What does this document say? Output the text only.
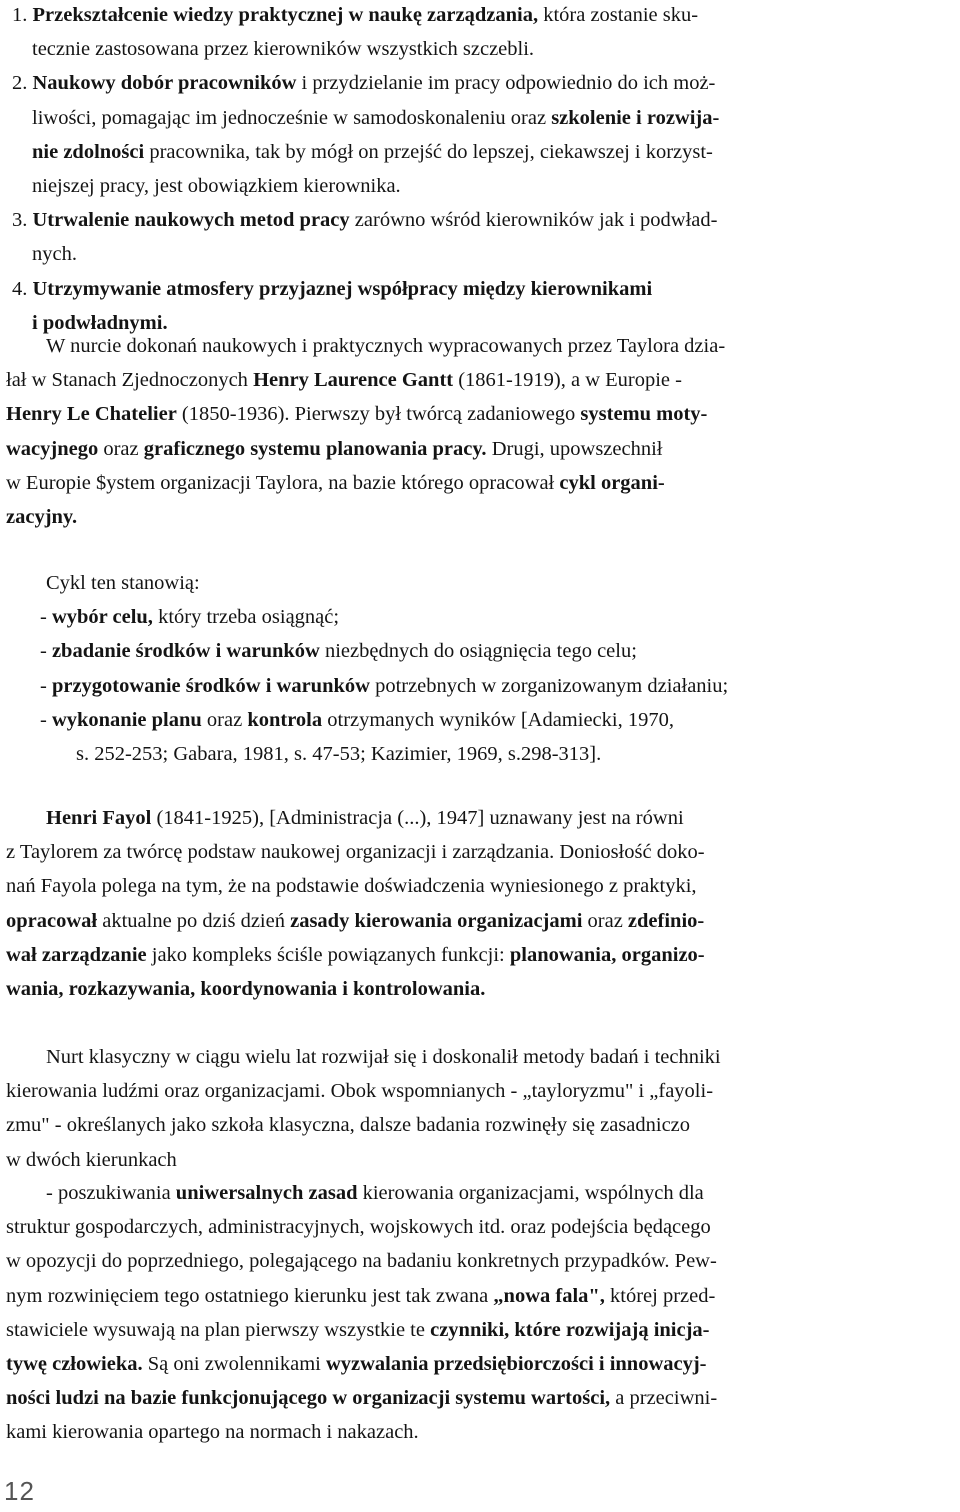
1. Przekształcenie wiedzy praktycznej w naukę zarządzania, która zostanie sku-
tecznie zastosowana przez kierowników wszystkich szczebli.
2. Naukowy dobór pracowników i przydzielanie im pracy odpowiednio do ich moż-
liwości, pomagając im jednocześnie w samodoskonaleniu oraz szkolenie i rozwija-
nie zdolności pracownika, tak by mógł on przejść do lepszej, ciekawszej i korzyst-
niejszej pracy, jest obowiązkiem kierownika.
3. Utrwalenie naukowych metod pracy zarówno wśród kierowników jak i podwład-
nych.
4. Utrzymywanie atmosfery przyjaznej współpracy między kierownikami
i podwładnymi.
W nurcie dokonań naukowych i praktycznych wypracowanych przez Taylora dzia-
łał w Stanach Zjednoczonych Henry Laurence Gantt (1861-1919), a w Europie -
Henry Le Chatelier (1850-1936). Pierwszy był twórcą zadaniowego systemu moty-
wacyjnego oraz graficznego systemu planowania pracy. Drugi, upowszechnił
w Europie $ystem organizacji Taylora, na bazie którego opracował cykl organi-
zacyjny.
Cykl ten stanowią:
- wybór celu, który trzeba osiągnąć;
- zbadanie środków i warunków niezbędnych do osiągnięcia tego celu;
- przygotowanie środków i warunków potrzebnych w zorganizowanym działaniu;
- wykonanie planu oraz kontrola otrzymanych wyników [Adamiecki, 1970,
s. 252-253; Gabara, 1981, s. 47-53; Kazimier, 1969, s.298-313].
Henri Fayol (1841-1925), [Administracja (...), 1947] uznawany jest na równi
z Taylorem za twórcę podstaw naukowej organizacji i zarządzania. Doniosłość doko-
nań Fayola polega na tym, że na podstawie doświadczenia wyniesionego z praktyki,
opracował aktualne po dziś dzień zasady kierowania organizacjami oraz zdefinio-
wał zarządzanie jako kompleks ściśle powiązanych funkcji: planowania, organizo-
wania, rozkazywania, koordynowania i kontrolowania.
Nurt klasyczny w ciągu wielu lat rozwijał się i doskonalił metody badań i techniki
kierowania ludźmi oraz organizacjami. Obok wspomnianych - „tayloryzmu" i „fayoli-
zmu" - określanych jako szkoła klasyczna, dalsze badania rozwinęły się zasadniczo
w dwóch kierunkach
- poszukiwania uniwersalnych zasad kierowania organizacjami, wspólnych dla
struktur gospodarczych, administracyjnych, wojskowych itd. oraz podejścia będącego
w opozycji do poprzedniego, polegającego na badaniu konkretnych przypadków. Pew-
nym rozwinięciem tego ostatniego kierunku jest tak zwana „nowa fala", której przed-
stawiciele wysuwają na plan pierwszy wszystkie te czynniki, które rozwijają inicja-
tywę człowieka. Są oni zwolennikami wyzwalania przedsiębiorczości i innowacyj-
ności ludzi na bazie funkcjonującego w organizacji systemu wartości, a przeciwni-
kami kierowania opartego na normach i nakazach.
12
